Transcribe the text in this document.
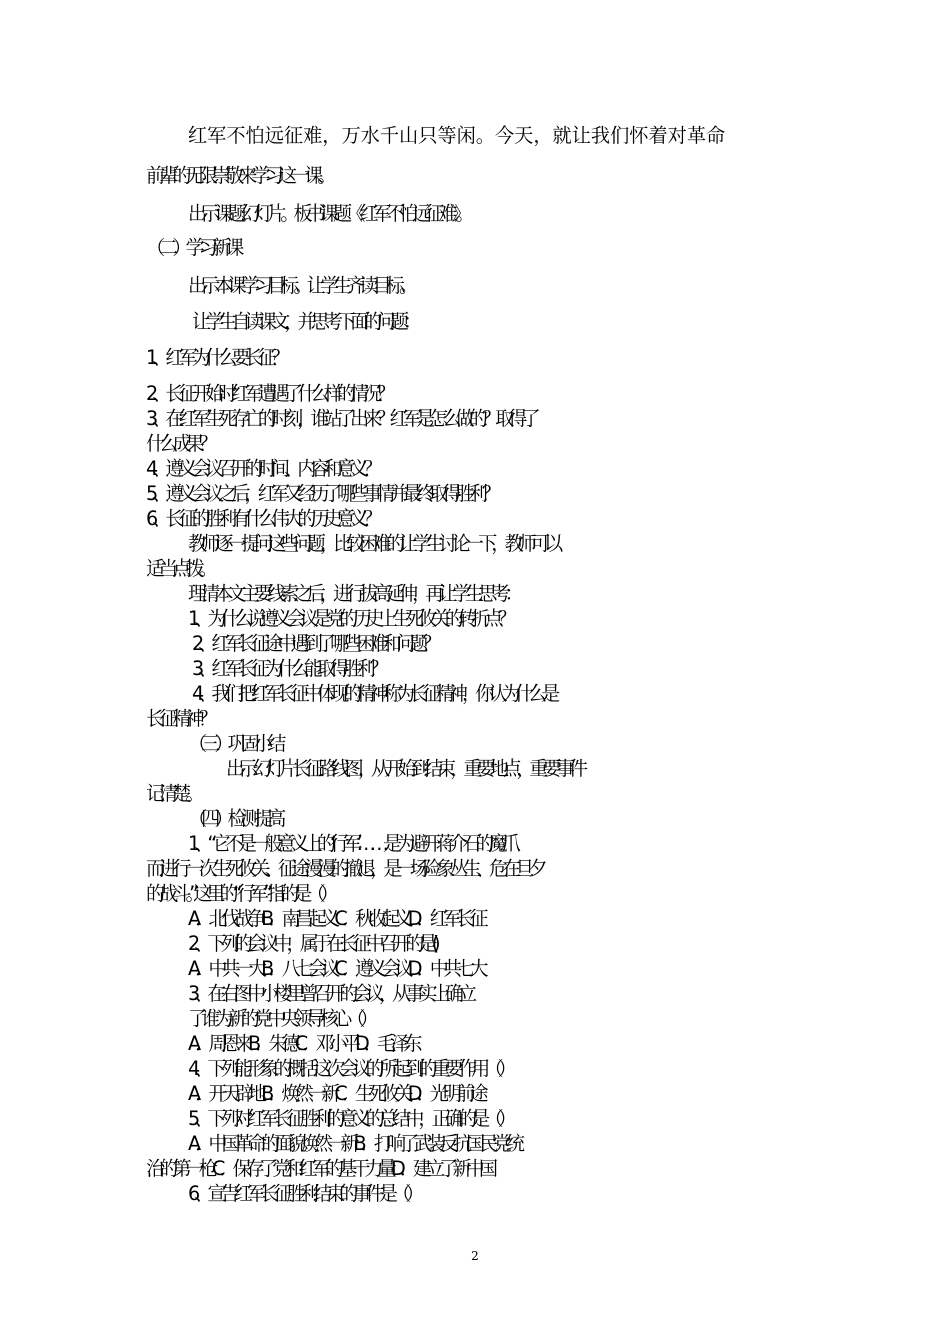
红军不怕远征难，万水千山只等闲。今天，就让我们怀着对革命
前辈的无限崇敬来学习这一课。
出示课题幻灯片。板书课题《红军不怕远征难》。
（二）学习新课
出示本课学习目标。让学生齐读目标。
让学生自读课文，并思考下面的问题：
1、红军为什么要长征？
2、长征开始时红军遭遇了什么样的情况？
3、在红军生死存亡的时刻，谁站了出来？红军是怎么做的？取得了
什么成果？
4、遵义会议召开的时间、内容和意义？
5、遵义会议之后，红军又经历了哪些事情并最终取得胜利？
6、长征的胜利有什么伟大的历史意义？
教师逐一提问这些问题，比较困难的让学生讨论一下，教师可以
适当点拨。
理清本文主要线索之后，进行拔高延伸，再让学生思考：
1、为什么说遵义会议是党的历史上生死攸关的转折点？
2、红军长征途中遇到了哪些困难和问题？
3、红军长征为什么能取得胜利？
4、我们把红军长征中体现的精神称为长征精神，你认为什么是
长征精神？
（三）巩固小结
出示幻灯片长征路线图，从开始到结束，重要地点，重要事件
记清楚。
（四）检测提高
1、“它不是一般意义上的‘行军’……是为避开蒋介石的魔爪
而进行一次生死攸关、征途漫漫的撤退，是一场险象丛生、危在旦夕
的战斗。”这里的“行军”指的是（ ）
A．北伐战争 B．南昌起义 C．秋收起义 D．红军长征
2、下列的会议中，属于在长征中召开的是( )
A．中共一大 B．八七会议 C．遵义会议 D．中共七大
3、在右图中小楼里曾召开的会议，从事实上确立
了谁为新的党中央领导核心（ ）
A．周恩来 B．朱德 C．邓小平 D．毛泽东
4、下列能形象的概括这次会议的所起到的重要作用（ ）
A．开天辟地 B．焕然一新 C．生死攸关 D．光明前途
5、下列对红军长征胜利的意义的总结中，正确的是（ ）
A．中国革命的面貌焕然一新 B．打响了武装反抗国民党统
治的第一枪 C．保存了党和红军的基干力量 D．建立了新中国
6、宣告红军长征胜利结束的事件是（ ）
2
